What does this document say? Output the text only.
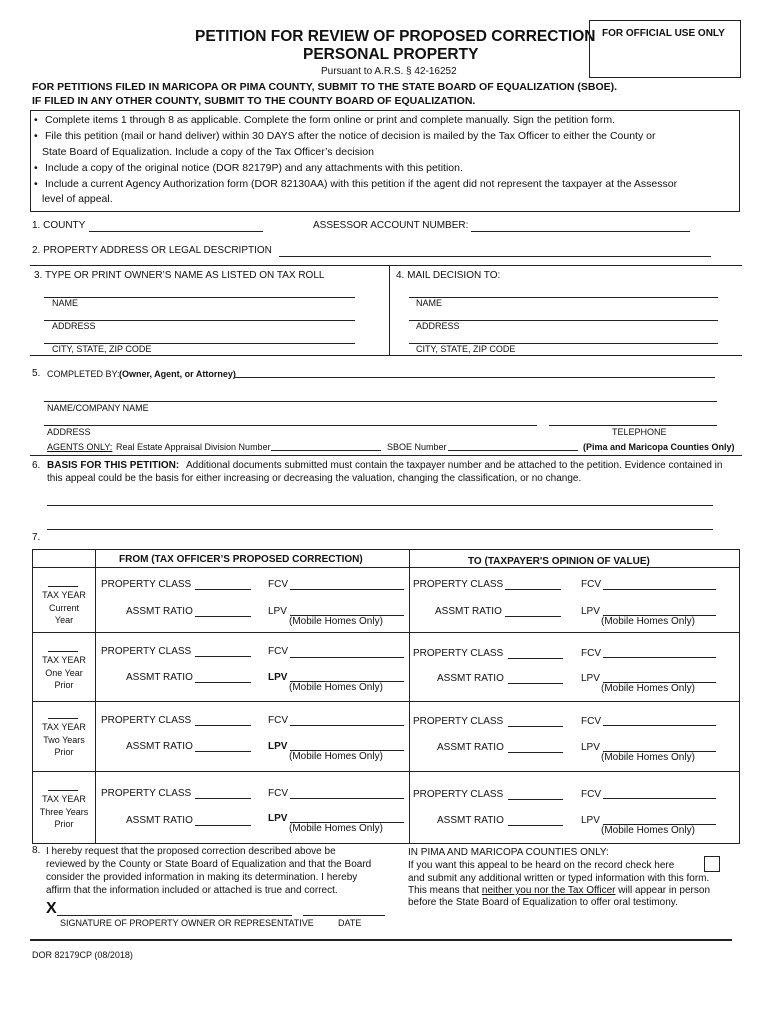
PETITION FOR REVIEW OF PROPOSED CORRECTION
PERSONAL PROPERTY
Pursuant to A.R.S. § 42-16252
FOR OFFICIAL USE ONLY
FOR PETITIONS FILED IN MARICOPA OR PIMA COUNTY, SUBMIT TO THE STATE BOARD OF EQUALIZATION (SBOE).
IF FILED IN ANY OTHER COUNTY, SUBMIT TO THE COUNTY BOARD OF EQUALIZATION.
• Complete items 1 through 8 as applicable. Complete the form online or print and complete manually. Sign the petition form.
• File this petition (mail or hand deliver) within 30 DAYS after the notice of decision is mailed by the Tax Officer to either the County or
State Board of Equalization. Include a copy of the Tax Officer’s decision
• Include a copy of the original notice (DOR 82179P) and any attachments with this petition.
• Include a current Agency Authorization form (DOR 82130AA) with this petition if the agent did not represent the taxpayer at the Assessor
level of appeal.
1. COUNTY	ASSESSOR ACCOUNT NUMBER:
2. PROPERTY ADDRESS OR LEGAL DESCRIPTION
3. TYPE OR PRINT OWNER’S NAME AS LISTED ON TAX ROLL	4. MAIL DECISION TO:
NAME	NAME
ADDRESS	ADDRESS
CITY, STATE, ZIP CODE	CITY, STATE, ZIP CODE
5. COMPLETED BY: (Owner, Agent, or Attorney)
NAME/COMPANY NAME
ADDRESS	TELEPHONE
AGENTS ONLY: Real Estate Appraisal Division Number	SBOE Number	(Pima and Maricopa Counties Only)
6. BASIS FOR THIS PETITION: Additional documents submitted must contain the taxpayer number and be attached to the petition. Evidence contained in
this appeal could be the basis for either increasing or decreasing the valuation, changing the classification, or no change.
7.
FROM (TAX OFFICER’S PROPOSED CORRECTION)	TO (TAXPAYER'S OPINION OF VALUE)
TAX YEAR
Current
Year
PROPERTY CLASS	FCV
ASSMT RATIO	LPV
(Mobile Homes Only)
PROPERTY CLASS	FCV
ASSMT RATIO	LPV
(Mobile Homes Only)
TAX YEAR
One Year
Prior
PROPERTY CLASS	FCV
ASSMT RATIO	LPV
(Mobile Homes Only)
PROPERTY CLASS	FCV
ASSMT RATIO	LPV
(Mobile Homes Only)
TAX YEAR
Two Years
Prior
PROPERTY CLASS	FCV
ASSMT RATIO	LPV
(Mobile Homes Only)
PROPERTY CLASS	FCV
ASSMT RATIO	LPV
(Mobile Homes Only)
TAX YEAR
Three Years
Prior
PROPERTY CLASS	FCV
ASSMT RATIO	LPV
(Mobile Homes Only)
PROPERTY CLASS	FCV
ASSMT RATIO	LPV
(Mobile Homes Only)
8. I hereby request that the proposed correction described above be
reviewed by the County or State Board of Equalization and that the Board
consider the provided information in making its determination. I hereby
affirm that the information included or attached is true and correct.
X
SIGNATURE OF PROPERTY OWNER OR REPRESENTATIVE	DATE
IN PIMA AND MARICOPA COUNTIES ONLY:
If you want this appeal to be heard on the record check here
and submit any additional written or typed information with this form.
This means that neither you nor the Tax Officer will appear in person
before the State Board of Equalization to offer oral testimony.
DOR 82179CP (08/2018)
